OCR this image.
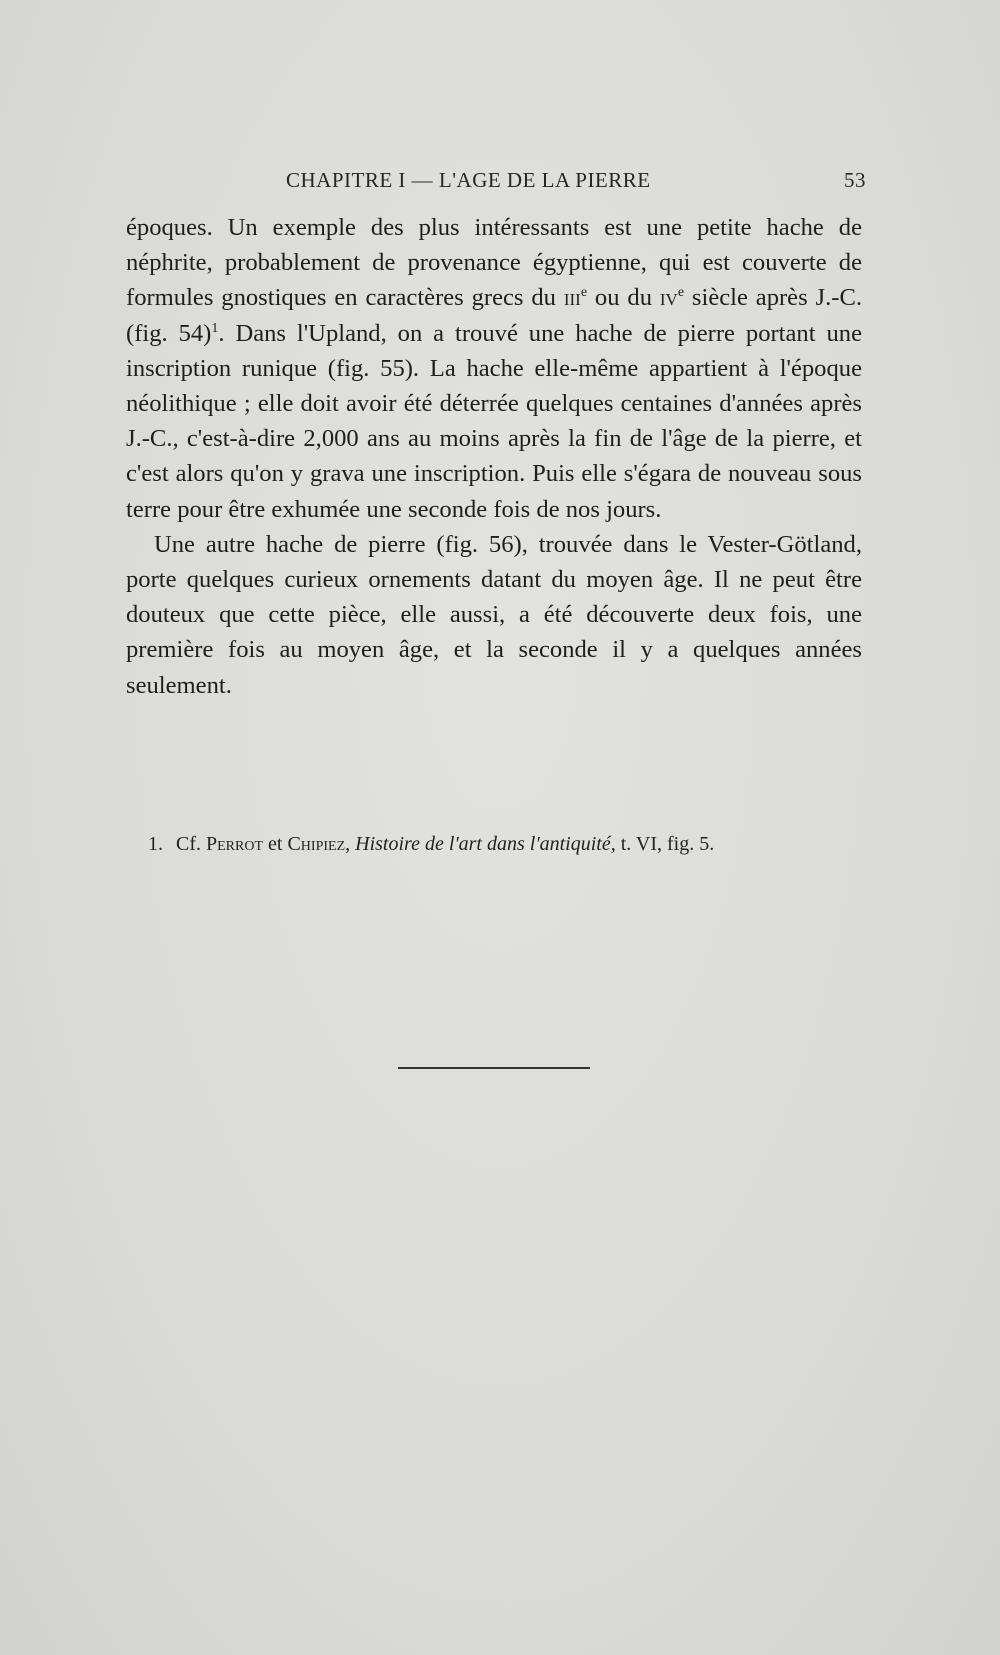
CHAPITRE I — L'AGE DE LA PIERRE	53

époques. Un exemple des plus intéressants est une petite hache de néphrite, probablement de provenance égyptienne, qui est couverte de formules gnostiques en caractères grecs du iii$^e$ ou du $iv^e$ siècle après J.-C. (fig. 54)$^1$. Dans l'Upland, on a trouvé une hache de pierre portant une inscription runique (fig. 55). La hache elle-même appartient à l'époque néolithique ; elle doit avoir été déterrée quelques centaines d'années après J.-C., c'est-à-dire 2,000 ans au moins après la fin de l'âge de la pierre, et c'est alors qu'on y grava une inscription. Puis elle s'égara de nouveau sous terre pour être exhumée une seconde fois de nos jours.

Une autre hache de pierre (fig. 56), trouvée dans le Vester-Götland, porte quelques curieux ornements datant du moyen âge. Il ne peut être douteux que cette pièce, elle aussi, a été découverte deux fois, une première fois au moyen âge, et la seconde il y a quelques années seulement.

1. Cf. Perrot et Chipiez, Histoire de l'art dans l'antiquité, t. VI, fig. 5.
